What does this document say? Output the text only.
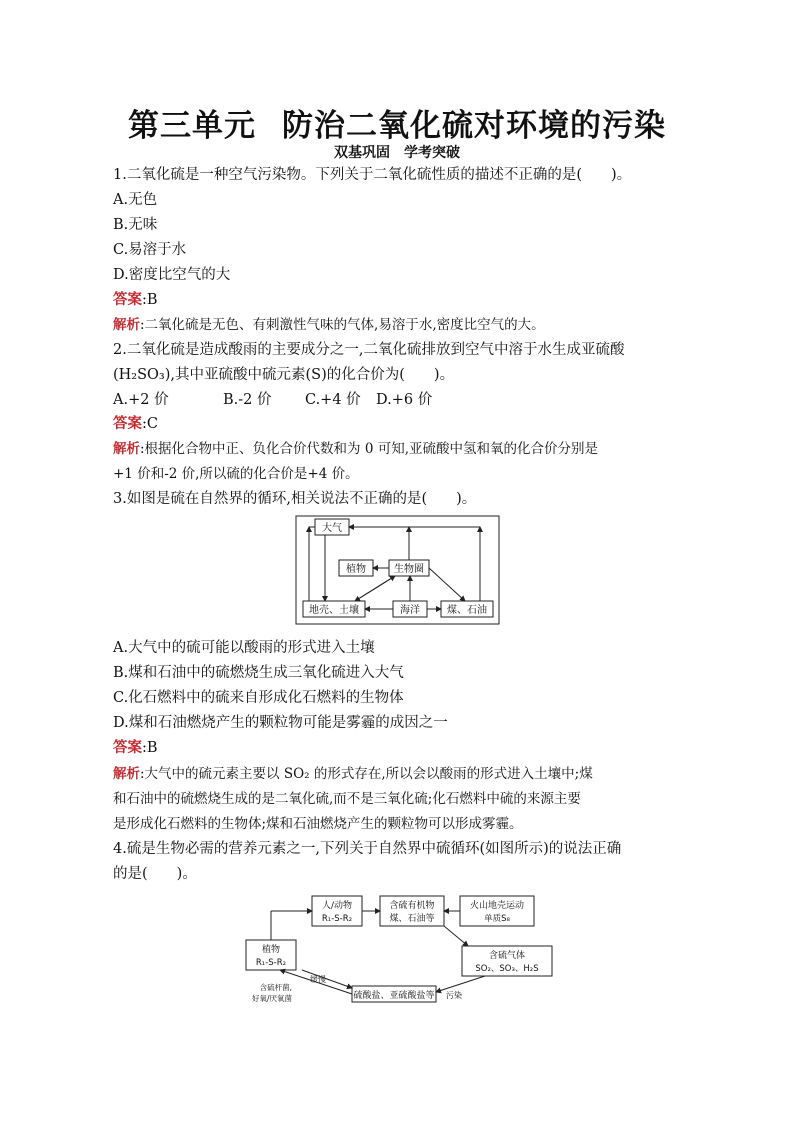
第三单元 防治二氧化硫对环境的污染
双基巩固　学考突破
1.二氧化硫是一种空气污染物。下列关于二氧化硫性质的描述不正确的是(　　)。
A.无色
B.无味
C.易溶于水
D.密度比空气的大
答案:B
解析:二氧化硫是无色、有刺激性气味的气体,易溶于水,密度比空气的大。
2.二氧化硫是造成酸雨的主要成分之一,二氧化硫排放到空气中溶于水生成亚硫酸
(H₂SO₃),其中亚硫酸中硫元素(S)的化合价为(　　)。
A.+2 价	B.-2 价 C.+4 价 D.+6 价
答案:C
解析:根据化合物中正、负化合价代数和为 0 可知,亚硫酸中氢和氧的化合价分别是
+1 价和-2 价,所以硫的化合价是+4 价。
3.如图是硫在自然界的循环,相关说法不正确的是(　　)。
大气
植物	生物圈
地壳、土壤	海洋	煤、石油
A.大气中的硫可能以酸雨的形式进入土壤
B.煤和石油中的硫燃烧生成三氧化硫进入大气
C.化石燃料中的硫来自形成化石燃料的生物体
D.煤和石油燃烧产生的颗粒物可能是雾霾的成因之一
答案:B
解析:大气中的硫元素主要以 SO₂ 的形式存在,所以会以酸雨的形式进入土壤中;煤
和石油中的硫燃烧生成的是二氧化硫,而不是三氧化硫;化石燃料中硫的来源主要
是形成化石燃料的生物体;煤和石油燃烧产生的颗粒物可以形成雾霾。
4.硫是生物必需的营养元素之一,下列关于自然界中硫循环(如图所示)的说法正确
的是(　　)。
人/动物
R₁-S-R₂
含硫有机物
煤、石油等
火山地壳运动
单质S₈
植物
R₁-S-R₂
含硫气体
SO₂、SO₃、H₂S
硫酸盐、亚硫酸盐等
缓慢
含硫杆菌,
好氧/厌氧菌	污染
